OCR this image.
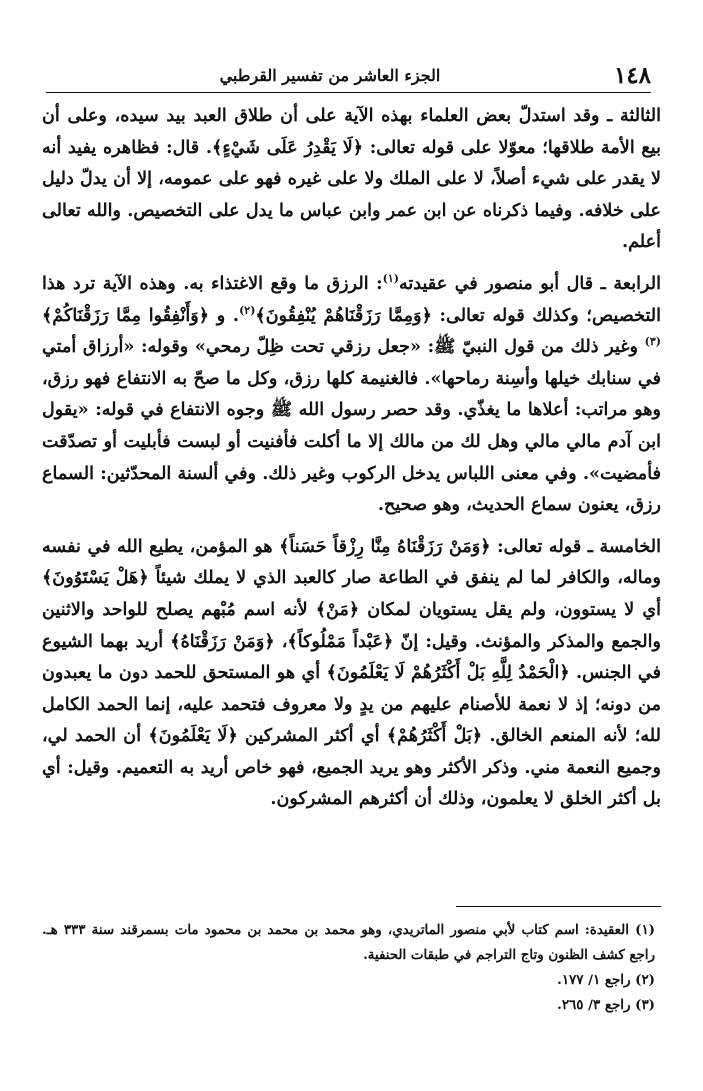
١٤٨
الجزء العاشر من تفسير القرطبي

الثالثة ـ وقد استدلّ بعض العلماء بهذه الآية على أن طلاق العبد بيد سيده، وعلى أن بيع الأمة طلاقها؛ معوّلا على قوله تعالى: ﴿لَا يَقْدِرُ عَلَى شَيْءٍ﴾. قال: فظاهره يفيد أنه لا يقدر على شيء أصلاً، لا على الملك ولا على غيره فهو على عمومه، إلا أن يدلّ دليل على خلافه. وفيما ذكرناه عن ابن عمر وابن عباس ما يدل على التخصيص. والله تعالى أعلم.

الرابعة ـ قال أبو منصور في عقيدته$^{(١)}$: الرزق ما وقع الاغتذاء به. وهذه الآية ترد هذا التخصيص؛ وكذلك قوله تعالى: ﴿وَمِمَّا رَزَقْنَاهُمْ يُنْفِقُونَ﴾$^{(٢)}$. و ﴿وَأَنْفِقُوا مِمَّا رَزَقْنَاكُمْ﴾$^{(٣)}$ وغير ذلك من قول النبيّ ﷺ: «جعل رزقي تحت ظِلّ رمحي» وقوله: «أرزاق أمتي في سنابك خيلها وأسِنة رماحها». فالغنيمة كلها رزق، وكل ما صحّ به الانتفاع فهو رزق، وهو مراتب: أعلاها ما يغذّي. وقد حصر رسول الله ﷺ وجوه الانتفاع في قوله: «يقول ابن آدم مالي مالي وهل لك من مالك إلا ما أكلت فأفنيت أو لبست فأبليت أو تصدّقت فأمضيت». وفي معنى اللباس يدخل الركوب وغير ذلك. وفي ألسنة المحدّثين: السماع رزق، يعنون سماع الحديث، وهو صحيح.

الخامسة ـ قوله تعالى: ﴿وَمَنْ رَزَقْنَاهُ مِنَّا رِزْقاً حَسَناً﴾ هو المؤمن، يطيع الله في نفسه وماله، والكافر لما لم ينفق في الطاعة صار كالعبد الذي لا يملك شيئاً ﴿هَلْ يَسْتَوُونَ﴾ أي لا يستوون، ولم يقل يستويان لمكان ﴿مَنْ﴾ لأنه اسم مُبْهم يصلح للواحد والاثنين والجمع والمذكر والمؤنث. وقيل: إنّ ﴿عَبْداً مَمْلُوكاً﴾، ﴿وَمَنْ رَزَقْنَاهُ﴾ أريد بهما الشيوع في الجنس. ﴿الْحَمْدُ لِلَّهِ بَلْ أَكْثَرُهُمْ لَا يَعْلَمُونَ﴾ أي هو المستحق للحمد دون ما يعبدون من دونه؛ إذ لا نعمة للأصنام عليهم من يدٍ ولا معروف فتحمد عليه، إنما الحمد الكامل لله؛ لأنه المنعم الخالق. ﴿بَلْ أَكْثَرُهُمْ﴾ أي أكثر المشركين ﴿لَا يَعْلَمُونَ﴾ أن الحمد لي، وجميع النعمة مني. وذكر الأكثر وهو يريد الجميع، فهو خاص أريد به التعميم. وقيل: أي بل أكثر الخلق لا يعلمون، وذلك أن أكثرهم المشركون.

(١) العقيدة: اسم كتاب لأبي منصور الماتريدي، وهو محمد بن محمد بن محمود مات بسمرقند سنة ٣٣٣ هـ. راجع كشف الظنون وتاج التراجم في طبقات الحنفية.

(٢) راجع ١/ ١٧٧.

(٣) راجع ٣/ ٢٦٥.
